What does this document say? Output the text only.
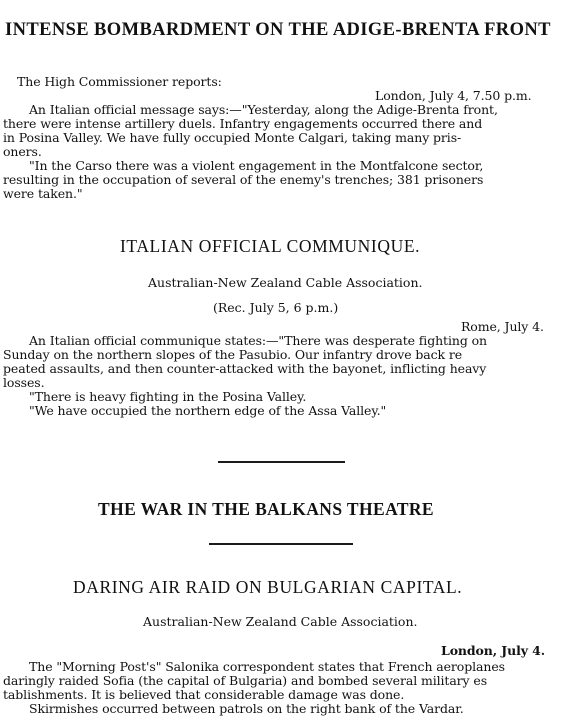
INTENSE BOMBARDMENT ON THE ADIGE-BRENTA FRONT
The High Commissioner reports:
London, July 4, 7.50 p.m.
An Italian official message says:—"Yesterday, along the Adige-Brenta front,
there were intense artillery duels. Infantry engagements occurred there and
in Posina Valley. We have fully occupied Monte Calgari, taking many pris-
oners.
"In the Carso there was a violent engagement in the Montfalcone sector,
resulting in the occupation of several of the enemy's trenches; 381 prisoners
were taken."
ITALIAN OFFICIAL COMMUNIQUE.
Australian-New Zealand Cable Association.
(Rec. July 5, 6 p.m.)
Rome, July 4.
An Italian official communique states:—"There was desperate fighting on
Sunday on the northern slopes of the Pasubio. Our infantry drove back re
peated assaults, and then counter-attacked with the bayonet, inflicting heavy
losses.
"There is heavy fighting in the Posina Valley.
"We have occupied the northern edge of the Assa Valley."
THE WAR IN THE BALKANS THEATRE
DARING AIR RAID ON BULGARIAN CAPITAL.
Australian-New Zealand Cable Association.
London, July 4.
The "Morning Post's" Salonika correspondent states that French aeroplanes
daringly raided Sofia (the capital of Bulgaria) and bombed several military es
tablishments. It is believed that considerable damage was done.
Skirmishes occurred between patrols on the right bank of the Vardar.
